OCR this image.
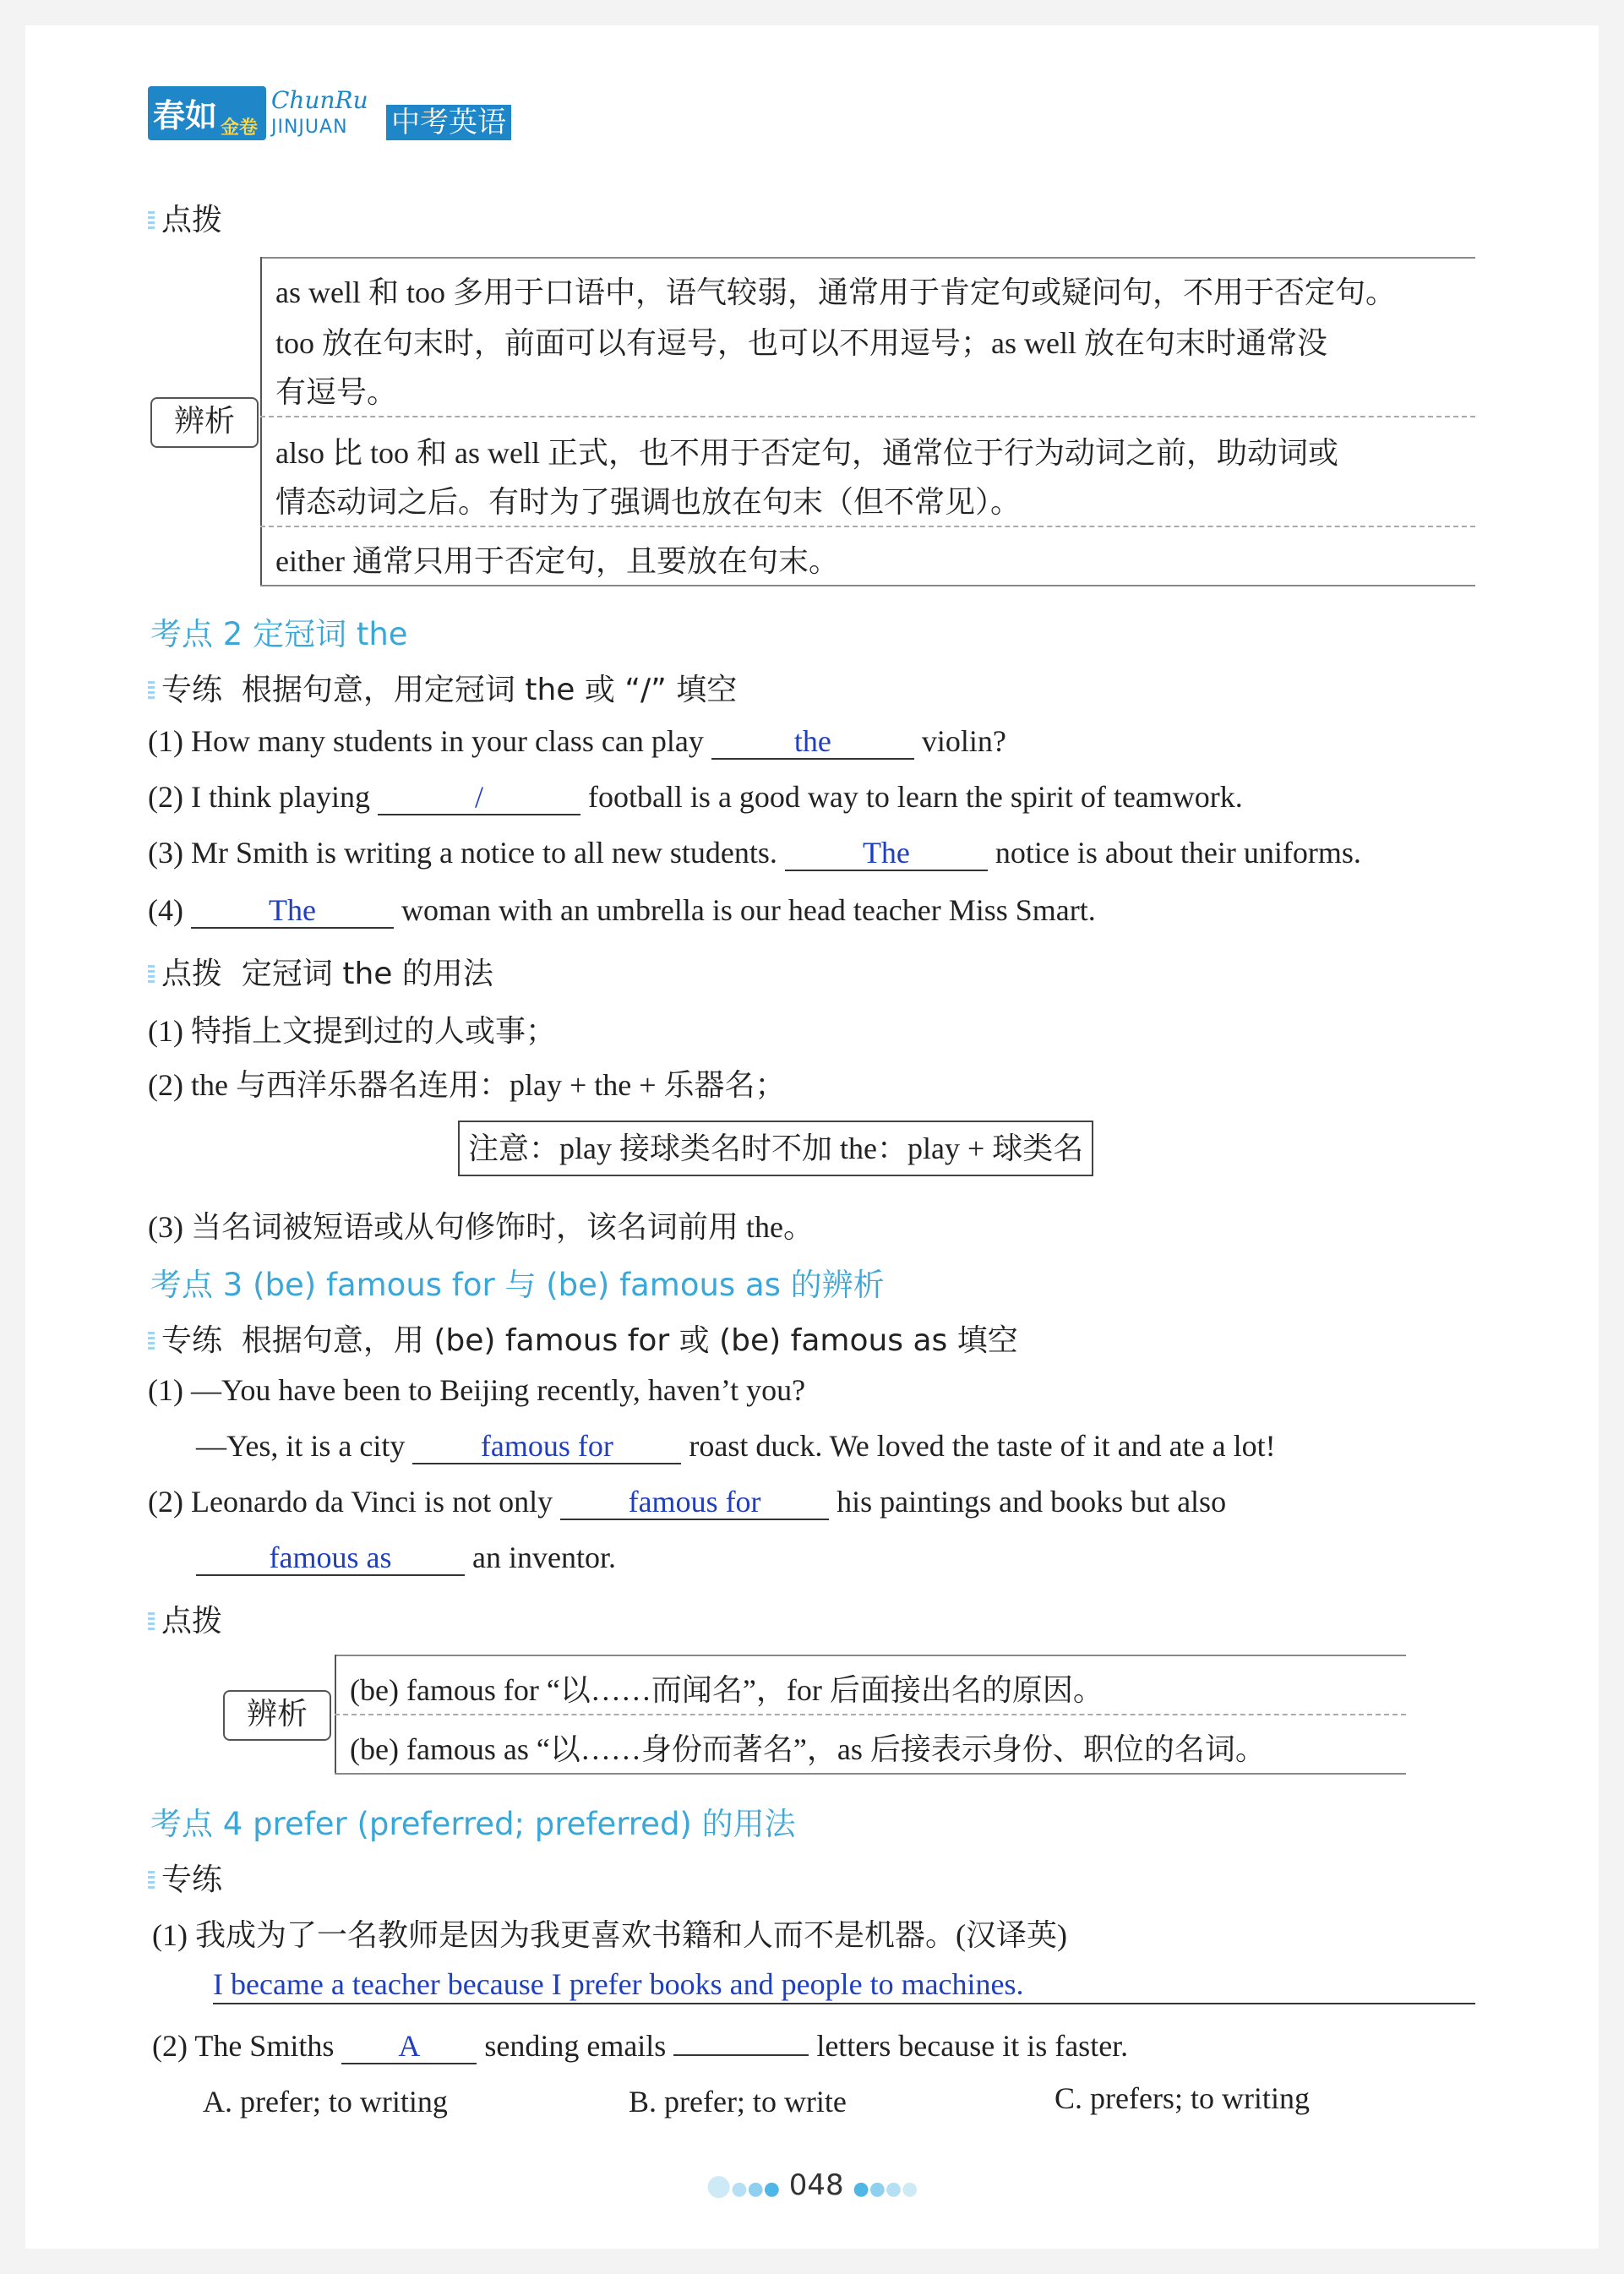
春如 金卷
ChunRu
JINJUAN 中考英语
点拨
辨析
as well 和 too 多用于口语中，语气较弱，通常用于肯定句或疑问句，不用于否定句。
too 放在句末时，前面可以有逗号，也可以不用逗号；as well 放在句末时通常没
有逗号。
also 比 too 和 as well 正式，也不用于否定句，通常位于行为动词之前，助动词或
情态动词之后。有时为了强调也放在句末（但不常见）。
either 通常只用于否定句，且要放在句末。
考点 2 定冠词 the
专练 根据句意，用定冠词 the 或 “/” 填空
(1) How many students in your class can play	the	violin?
(2) I think playing	/	football is a good way to learn the spirit of teamwork.
(3) Mr Smith is writing a notice to all new students.	The	notice is about their uniforms.
(4)	The	woman with an umbrella is our head teacher Miss Smart.
点拨 定冠词 the 的用法
(1) 特指上文提到过的人或事；
(2) the 与西洋乐器名连用：play + the + 乐器名；
注意：play 接球类名时不加 the：play + 球类名
(3) 当名词被短语或从句修饰时，该名词前用 the。
考点 3 (be) famous for 与 (be) famous as 的辨析
专练 根据句意，用 (be) famous for 或 (be) famous as 填空
(1) —You have been to Beijing recently, haven’t you?
—Yes, it is a city famous for roast duck. We loved the taste of it and ate a lot!
(2) Leonardo da Vinci is not only famous for his paintings and books but also
famous as	an inventor.
点拨
辨析
(be) famous for “以……而闻名”，for 后面接出名的原因。
(be) famous as “以……身份而著名”，as 后接表示身份、职位的名词。
考点 4 prefer (preferred; preferred) 的用法
专练
(1) 我成为了一名教师是因为我更喜欢书籍和人而不是机器。(汉译英)
I became a teacher because I prefer books and people to machines.
(2) The Smiths A sending emails	letters because it is faster.
A. prefer; to writing	B. prefer; to write	C. prefers; to writing
●●●● 048 ●●●●
